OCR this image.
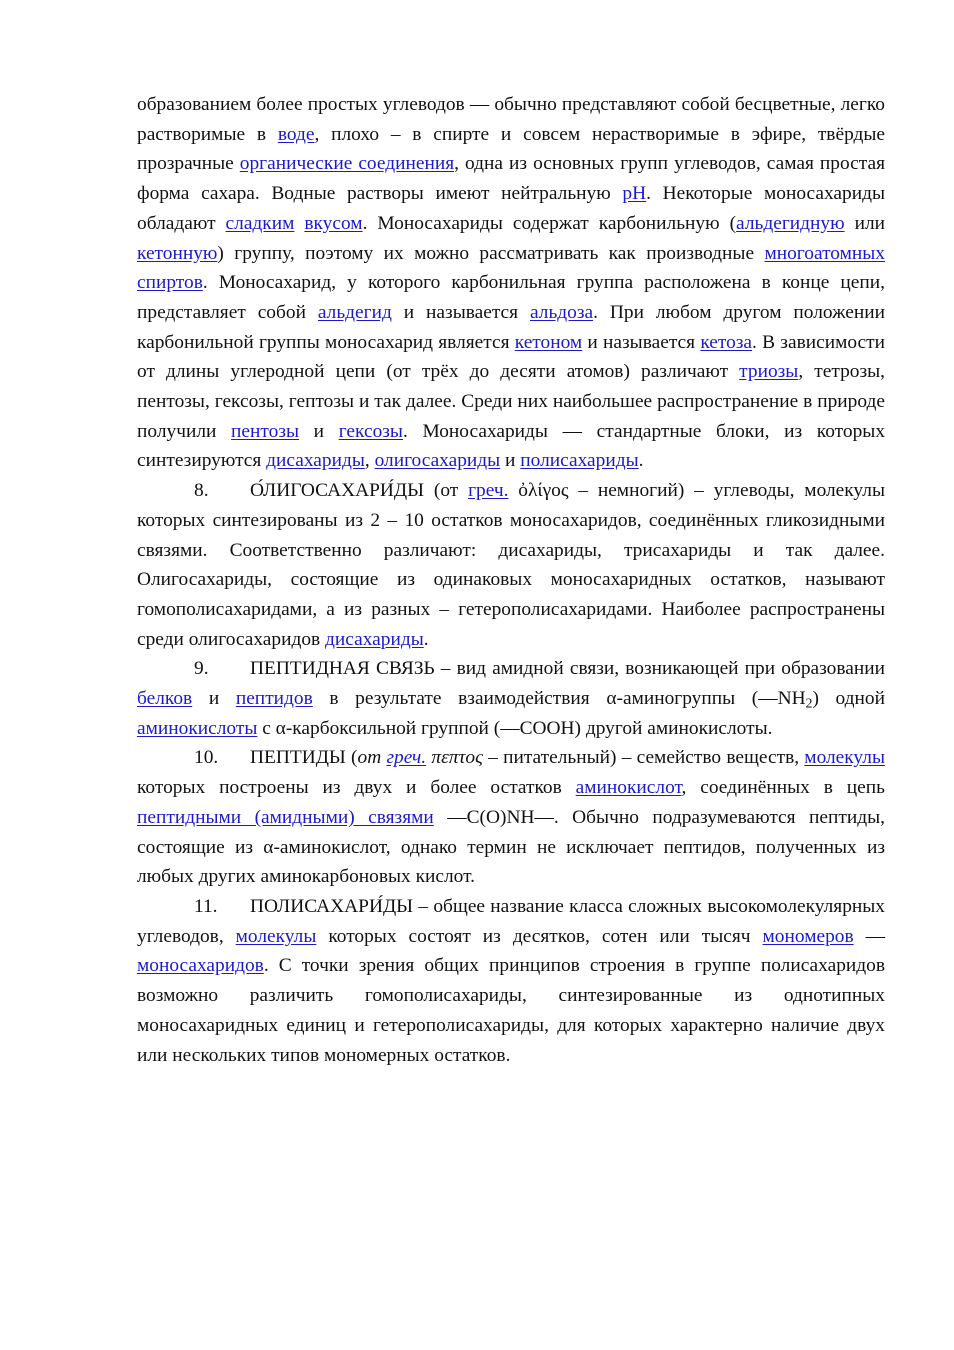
образованием более простых углеводов — обычно представляют собой бесцветные, легко растворимые в воде, плохо – в спирте и совсем нерастворимые в эфире, твёрдые прозрачные органические соединения, одна из основных групп углеводов, самая простая форма сахара. Водные растворы имеют нейтральную pH. Некоторые моносахариды обладают сладким вкусом. Моносахариды содержат карбонильную (альдегидную или кетонную) группу, поэтому их можно рассматривать как производные многоатомных спиртов. Моносахарид, у которого карбонильная группа расположена в конце цепи, представляет собой альдегид и называется альдоза. При любом другом положении карбонильной группы моносахарид является кетоном и называется кетоза. В зависимости от длины углеродной цепи (от трёх до десяти атомов) различают триозы, тетрозы, пентозы, гексозы, гептозы и так далее. Среди них наибольшее распространение в природе получили пентозы и гексозы. Моносахариды — стандартные блоки, из которых синтезируются дисахариды, олигосахариды и полисахариды.

8. О́ЛИГОСАХАРИ́ДЫ (от греч. ὀλίγος – немногий) – углеводы, молекулы которых синтезированы из 2 – 10 остатков моносахаридов, соединённых гликозидными связями. Соответственно различают: дисахариды, трисахариды и так далее. Олигосахариды, состоящие из одинаковых моносахаридных остатков, называют гомополисахаридами, а из разных – гетерополисахаридами. Наиболее распространены среди олигосахаридов дисахариды.

9. ПЕПТИДНАЯ СВЯЗЬ – вид амидной связи, возникающей при образовании белков и пептидов в результате взаимодействия α-аминогруппы $(—NH_2)$ одной аминокислоты с α-карбоксильной группой (—COOH) другой аминокислоты.

10. ПЕПТИДЫ (от греч. πεπτος – питательный) – семейство веществ, молекулы которых построены из двух и более остатков аминокислот, соединённых в цепь пептидными (амидными) связями —C(O)NH—. Обычно подразумеваются пептиды, состоящие из α-аминокислот, однако термин не исключает пептидов, полученных из любых других аминокарбоновых кислот.

11. ПОЛИСАХАРИ́ДЫ – общее название класса сложных высокомолекулярных углеводов, молекулы которых состоят из десятков, сотен или тысяч мономеров — моносахаридов. С точки зрения общих принципов строения в группе полисахаридов возможно различить гомополисахариды, синтезированные из однотипных моносахаридных единиц и гетерополисахариды, для которых характерно наличие двух или нескольких типов мономерных остатков.
